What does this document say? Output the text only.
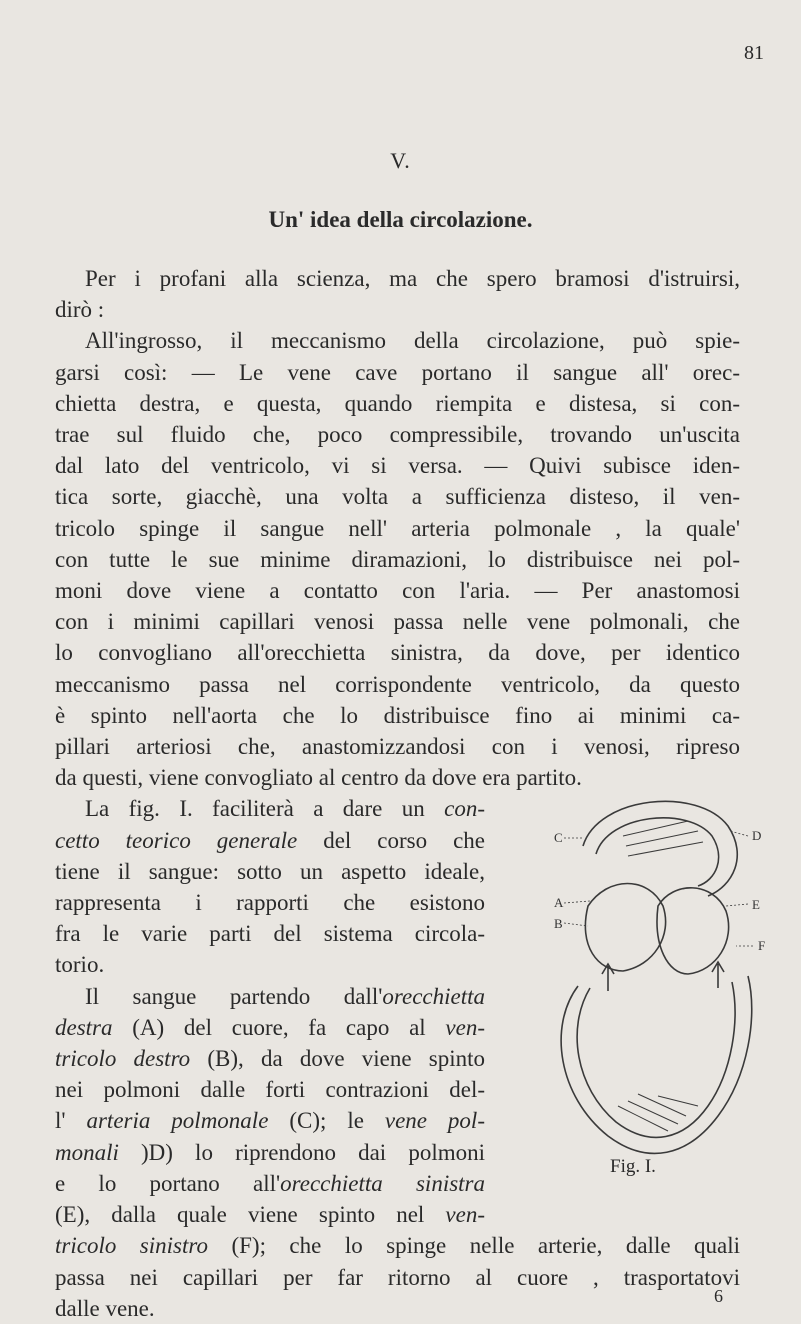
81
V.
Un' idea della circolazione.

Per i profani alla scienza, ma che spero bramosi d'istruirsi,
dirò :

All'ingrosso, il meccanismo della circolazione, può spie-
garsi così: — Le vene cave portano il sangue all' orec-
chietta destra, e questa, quando riempita e distesa, si con-
trae sul fluido che, poco compressibile, trovando un'uscita
dal lato del ventricolo, vi si versa. — Quivi subisce iden-
tica sorte, giacchè, una volta a sufficienza disteso, il ven-
tricolo spinge il sangue nell' arteria polmonale , la quale'
con tutte le sue minime diramazioni, lo distribuisce nei pol-
moni dove viene a contatto con l'aria. — Per anastomosi
con i minimi capillari venosi passa nelle vene polmonali, che
lo convogliano all'orecchietta sinistra, da dove, per identico
meccanismo passa nel corrispondente ventricolo, da questo
è spinto nell'aorta che lo distribuisce fino ai minimi ca-
pillari arteriosi che, anastomizzandosi con i venosi, ripreso
da questi, viene convogliato al centro da dove era partito.

La fig. I. faciliterà a dare un con-
cetto teorico generale del corso che
tiene il sangue: sotto un aspetto ideale,
rappresenta i rapporti che esistono
fra le varie parti del sistema circola-
torio.

Il sangue partendo dall'orecchietta
destra (A) del cuore, fa capo al ven-
tricolo destro (B), da dove viene spinto
nei polmoni dalle forti contrazioni del-
l' arteria polmonale (C); le vene pol-
monali )D) lo riprendono dai polmoni
e lo portano all'orecchietta sinistra
(E), dalla quale viene spinto nel ven-

tricolo sinistro (F); che lo spinge nelle arterie, dalle quali
passa nei capillari per far ritorno al cuore , trasportatovi
dalle vene.

C
A
B
D
E
F
Fig. I.
6
